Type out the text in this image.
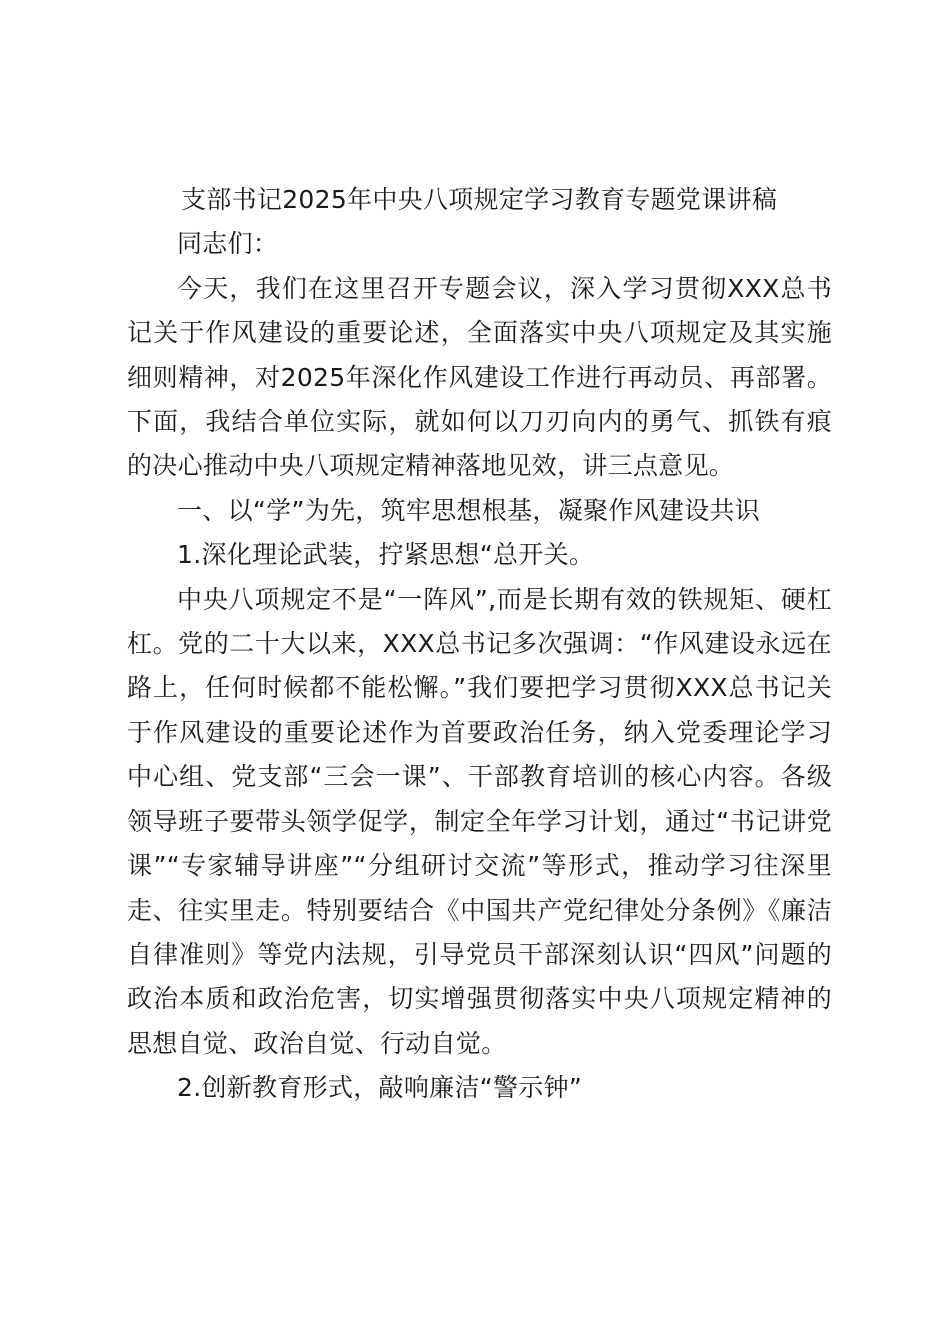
支部书记2025年中央八项规定学习教育专题党课讲稿

同志们：

今天，我们在这里召开专题会议，深入学习贯彻XXX总书记关于作风建设的重要论述，全面落实中央八项规定及其实施细则精神，对2025年深化作风建设工作进行再动员、再部署。下面，我结合单位实际，就如何以刀刃向内的勇气、抓铁有痕的决心推动中央八项规定精神落地见效，讲三点意见。

一、以“学”为先，筑牢思想根基，凝聚作风建设共识

1.深化理论武装，拧紧思想“总开关。

中央八项规定不是“一阵风”,而是长期有效的铁规矩、硬杠杠。党的二十大以来，XXX总书记多次强调：“作风建设永远在路上，任何时候都不能松懈。”我们要把学习贯彻XXX总书记关于作风建设的重要论述作为首要政治任务，纳入党委理论学习中心组、党支部“三会一课”、干部教育培训的核心内容。各级领导班子要带头领学促学，制定全年学习计划，通过“书记讲党课”“专家辅导讲座”“分组研讨交流”等形式，推动学习往深里走、往实里走。特别要结合《中国共产党纪律处分条例》《廉洁自律准则》等党内法规，引导党员干部深刻认识“四风”问题的政治本质和政治危害，切实增强贯彻落实中央八项规定精神的思想自觉、政治自觉、行动自觉。

2.创新教育形式，敲响廉洁“警示钟”
